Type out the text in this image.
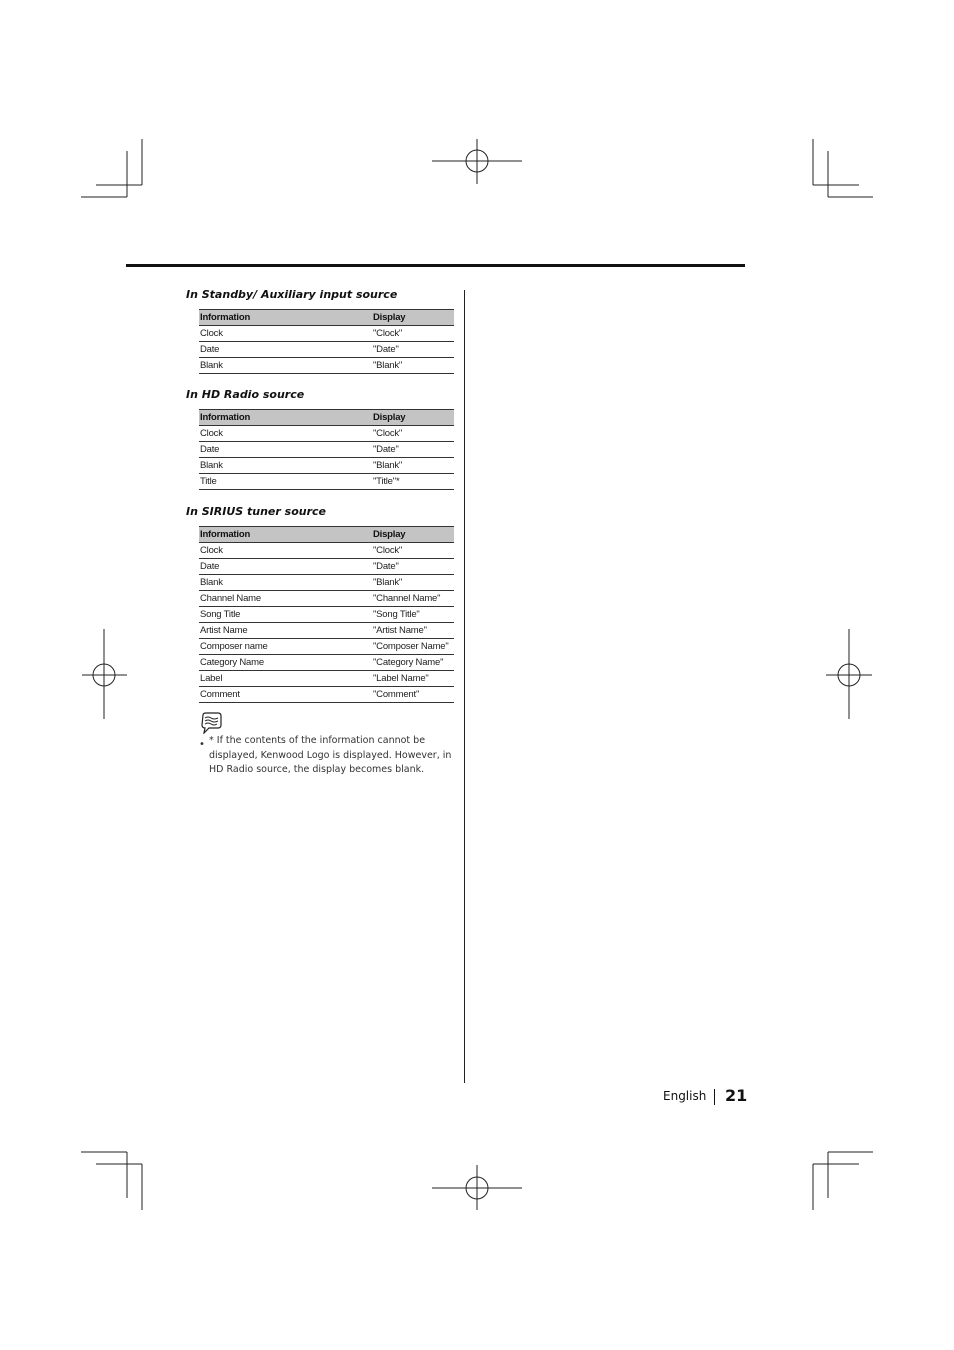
In Standby/ Auxiliary input source
Information	Display
Clock	"Clock"
Date	"Date"
Blank	"Blank"
In HD Radio source
Information	Display
Clock	"Clock"
Date	"Date"
Blank	"Blank"
Title	"Title"*
In SIRIUS tuner source
Information	Display
Clock	"Clock"
Date	"Date"
Blank	"Blank"
Channel Name	"Channel Name"
Song Title	"Song Title"
Artist Name	"Artist Name"
Composer name	"Composer Name"
Category Name	"Category Name"
Label	"Label Name"
Comment	"Comment"
• * If the contents of the information cannot be displayed, Kenwood Logo is displayed. However, in HD Radio source, the display becomes blank.

English 21
